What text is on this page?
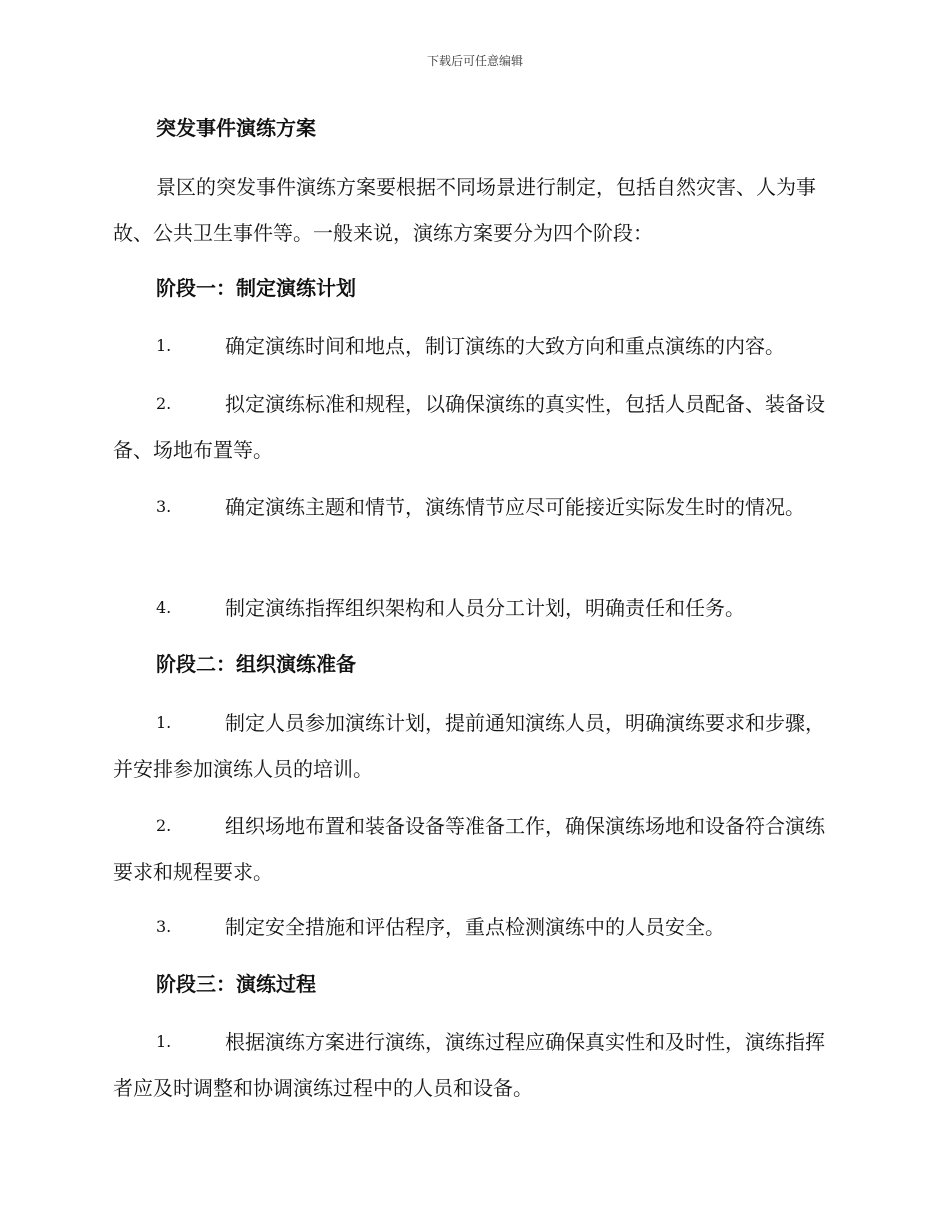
下载后可任意编辑
突发事件演练方案
景区的突发事件演练方案要根据不同场景进行制定，包括自然灾害、人为事故、公共卫生事件等。一般来说，演练方案要分为四个阶段：
阶段一：制定演练计划
1.	确定演练时间和地点，制订演练的大致方向和重点演练的内容。
2.	拟定演练标准和规程，以确保演练的真实性，包括人员配备、装备设备、场地布置等。
3.	确定演练主题和情节，演练情节应尽可能接近实际发生时的情况。
4.	制定演练指挥组织架构和人员分工计划，明确责任和任务。
阶段二：组织演练准备
1.	制定人员参加演练计划，提前通知演练人员，明确演练要求和步骤，并安排参加演练人员的培训。
2.	组织场地布置和装备设备等准备工作，确保演练场地和设备符合演练要求和规程要求。
3.	制定安全措施和评估程序，重点检测演练中的人员安全。
阶段三：演练过程
1.	根据演练方案进行演练，演练过程应确保真实性和及时性，演练指挥者应及时调整和协调演练过程中的人员和设备。
